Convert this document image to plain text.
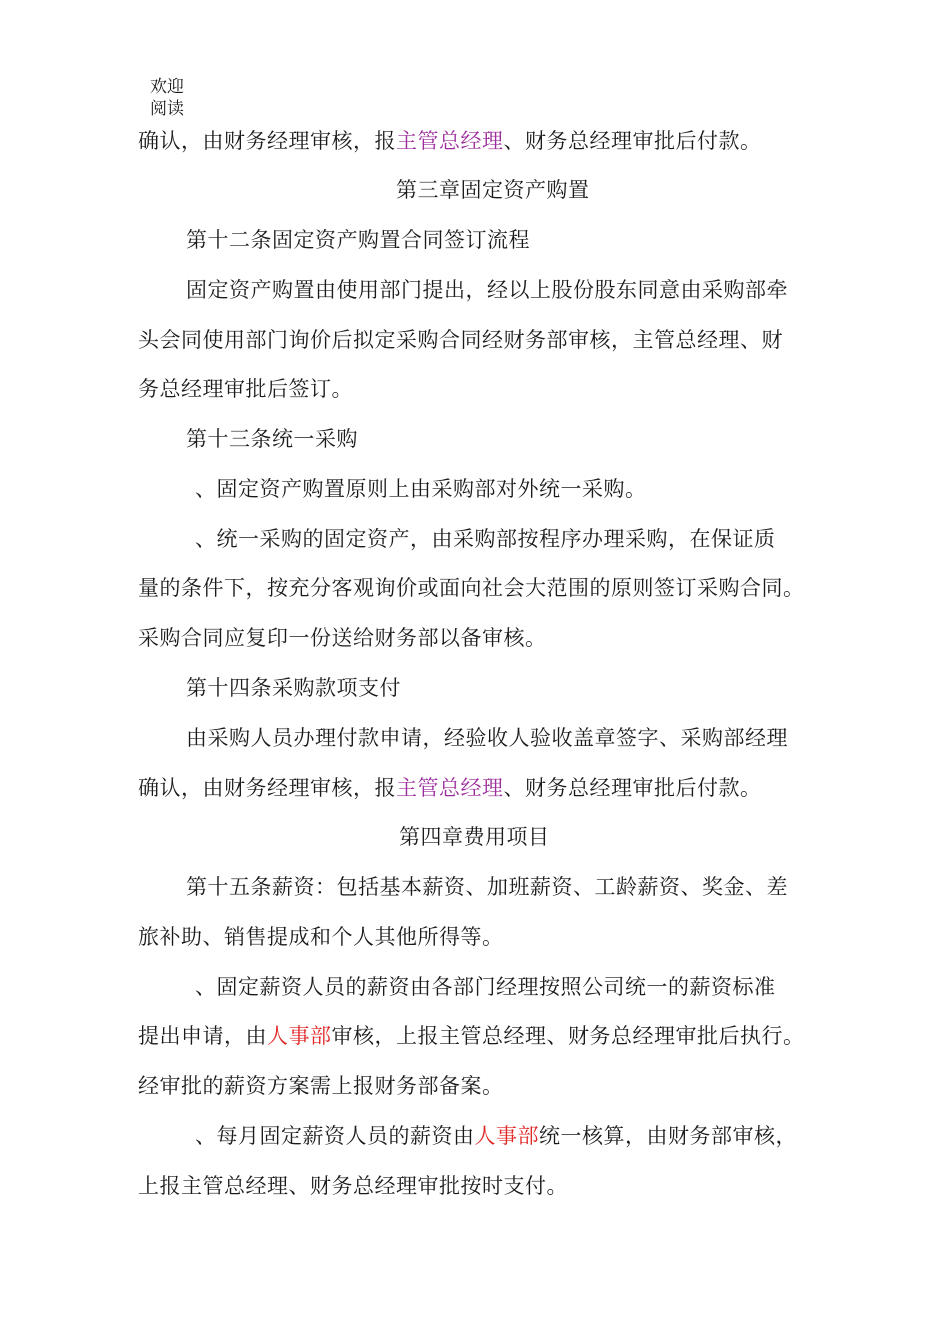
欢迎
阅读
确认，由财务经理审核，报主管总经理、财务总经理审批后付款。
第三章固定资产购置
第十二条固定资产购置合同签订流程
固定资产购置由使用部门提出，经以上股份股东同意由采购部牵
头会同使用部门询价后拟定采购合同经财务部审核，主管总经理、财
务总经理审批后签订。
第十三条统一采购
、固定资产购置原则上由采购部对外统一采购。
、统一采购的固定资产，由采购部按程序办理采购，在保证质
量的条件下，按充分客观询价或面向社会大范围的原则签订采购合同。
采购合同应复印一份送给财务部以备审核。
第十四条采购款项支付
由采购人员办理付款申请，经验收人验收盖章签字、采购部经理
确认，由财务经理审核，报主管总经理、财务总经理审批后付款。
第四章费用项目
第十五条薪资：包括基本薪资、加班薪资、工龄薪资、奖金、差
旅补助、销售提成和个人其他所得等。
、固定薪资人员的薪资由各部门经理按照公司统一的薪资标准
提出申请，由人事部审核，上报主管总经理、财务总经理审批后执行。
经审批的薪资方案需上报财务部备案。
、每月固定薪资人员的薪资由人事部统一核算，由财务部审核，
上报主管总经理、财务总经理审批按时支付。
